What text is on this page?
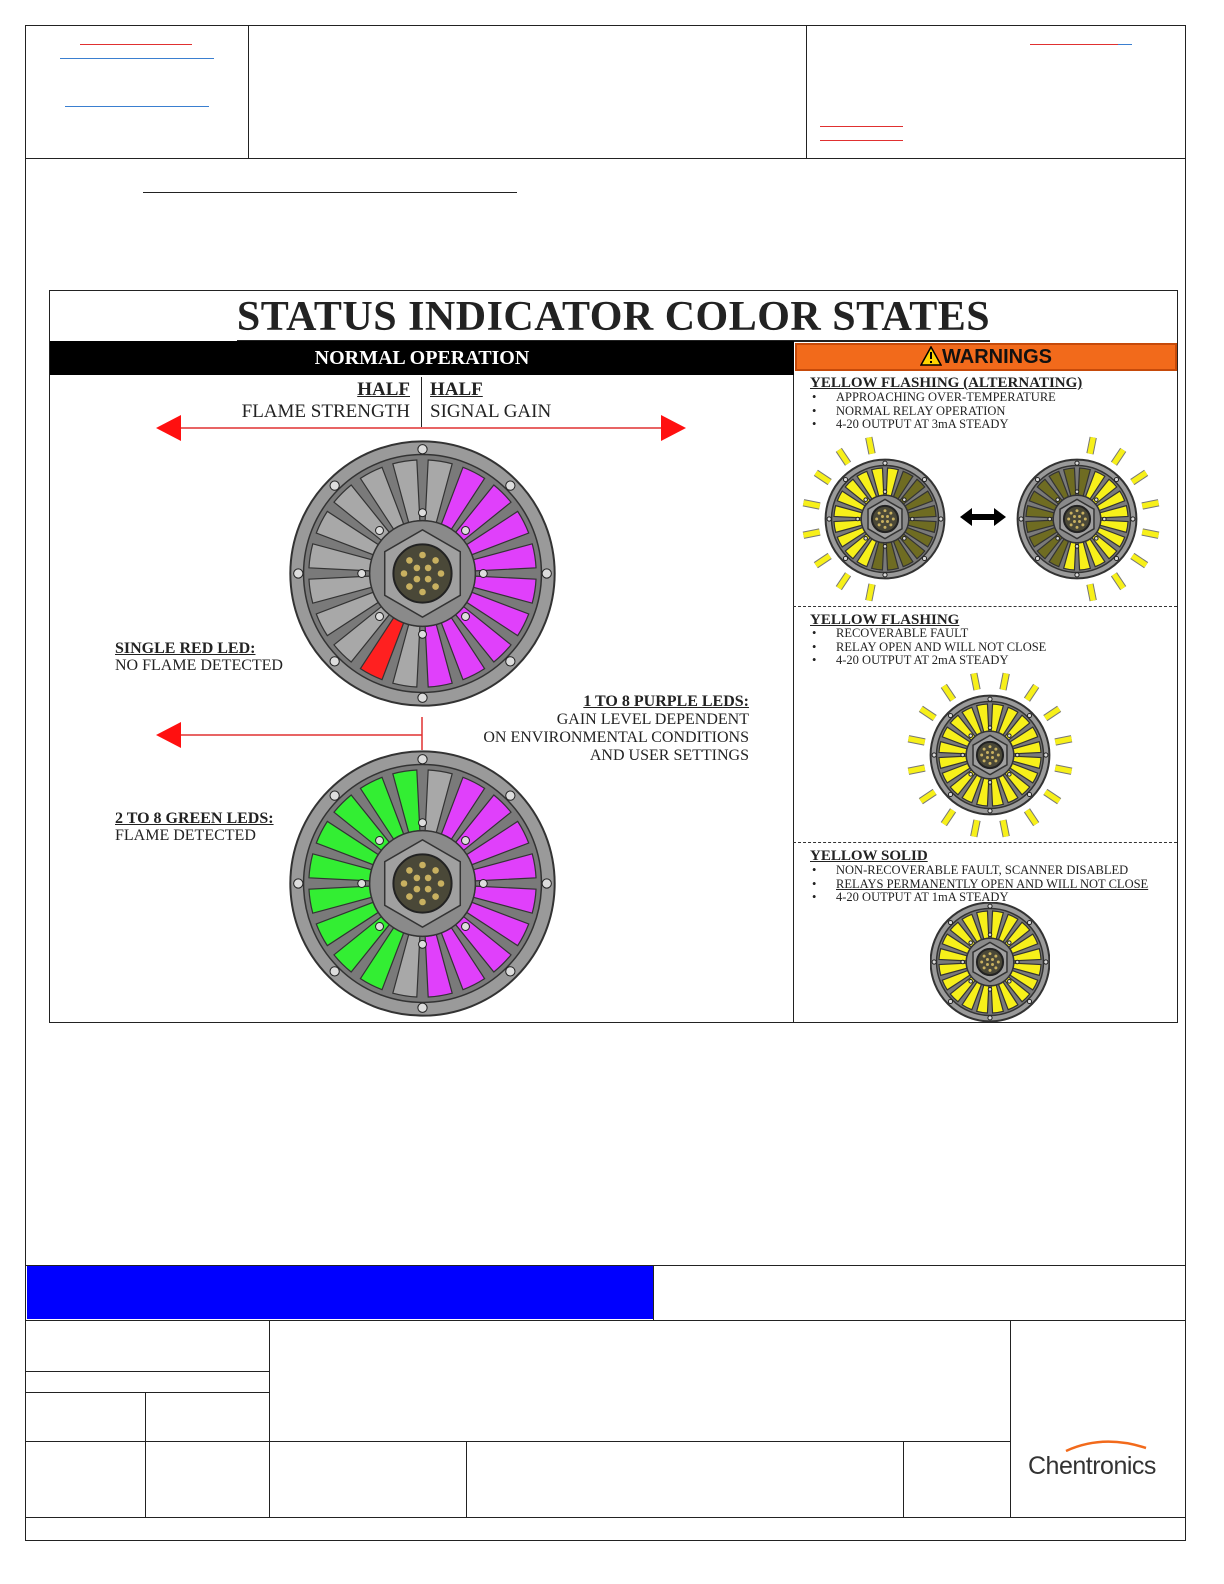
STATUS INDICATOR COLOR STATES
NORMAL OPERATION	WARNINGS
HALF
FLAME STRENGTH
HALF
SIGNAL GAIN
SINGLE RED LED:
NO FLAME DETECTED
1 TO 8 PURPLE LEDS:
GAIN LEVEL DEPENDENT
ON ENVIRONMENTAL CONDITIONS
AND USER SETTINGS
2 TO 8 GREEN LEDS:
FLAME DETECTED
YELLOW FLASHING (ALTERNATING)
• APPROACHING OVER-TEMPERATURE
• NORMAL RELAY OPERATION
• 4-20 OUTPUT AT 3mA STEADY
YELLOW FLASHING
• RECOVERABLE FAULT
• RELAY OPEN AND WILL NOT CLOSE
• 4-20 OUTPUT AT 2mA STEADY
YELLOW SOLID
• NON-RECOVERABLE FAULT, SCANNER DISABLED
• RELAYS PERMANENTLY OPEN AND WILL NOT CLOSE
• 4-20 OUTPUT AT 1mA STEADY
Chentronics
